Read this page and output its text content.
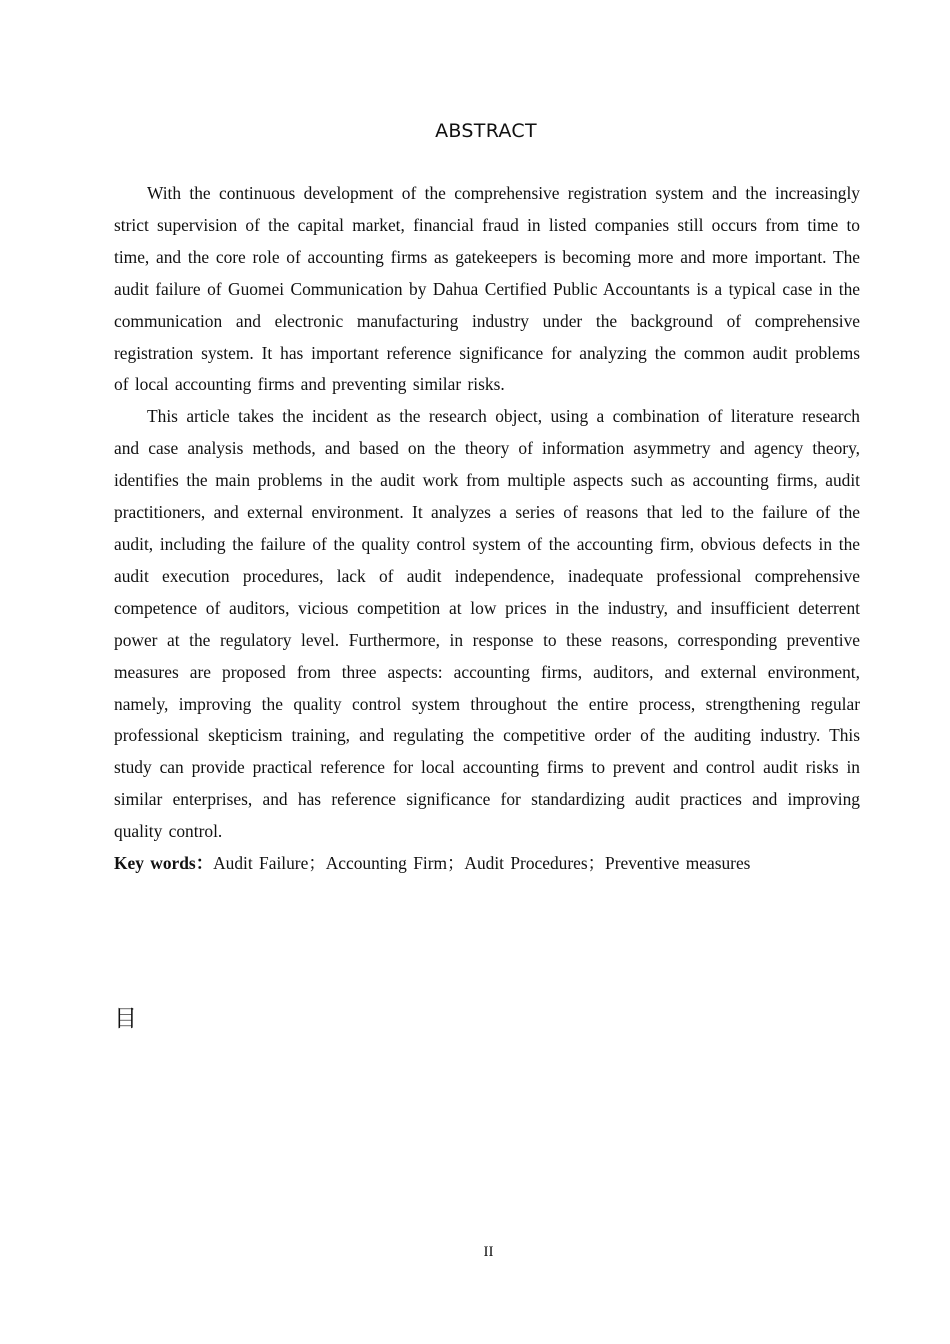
ABSTRACT

With the continuous development of the comprehensive registration system and the increasingly strict supervision of the capital market, financial fraud in listed companies still occurs from time to time, and the core role of accounting firms as gatekeepers is becoming more and more important. The audit failure of Guomei Communication by Dahua Certified Public Accountants is a typical case in the communication and electronic manufacturing industry under the background of comprehensive registration system. It has important reference significance for analyzing the common audit problems of local accounting firms and preventing similar risks.

This article takes the incident as the research object, using a combination of literature research and case analysis methods, and based on the theory of information asymmetry and agency theory, identifies the main problems in the audit work from multiple aspects such as accounting firms, audit practitioners, and external environment. It analyzes a series of reasons that led to the failure of the audit, including the failure of the quality control system of the accounting firm, obvious defects in the audit execution procedures, lack of audit independence, inadequate professional comprehensive competence of auditors, vicious competition at low prices in the industry, and insufficient deterrent power at the regulatory level. Furthermore, in response to these reasons, corresponding preventive measures are proposed from three aspects: accounting firms, auditors, and external environment, namely, improving the quality control system throughout the entire process, strengthening regular professional skepticism training, and regulating the competitive order of the auditing industry. This study can provide practical reference for local accounting firms to prevent and control audit risks in similar enterprises, and has reference significance for standardizing audit practices and improving quality control.

Key words：Audit Failure；Accounting Firm；Audit Procedures；Preventive measures
目
II
